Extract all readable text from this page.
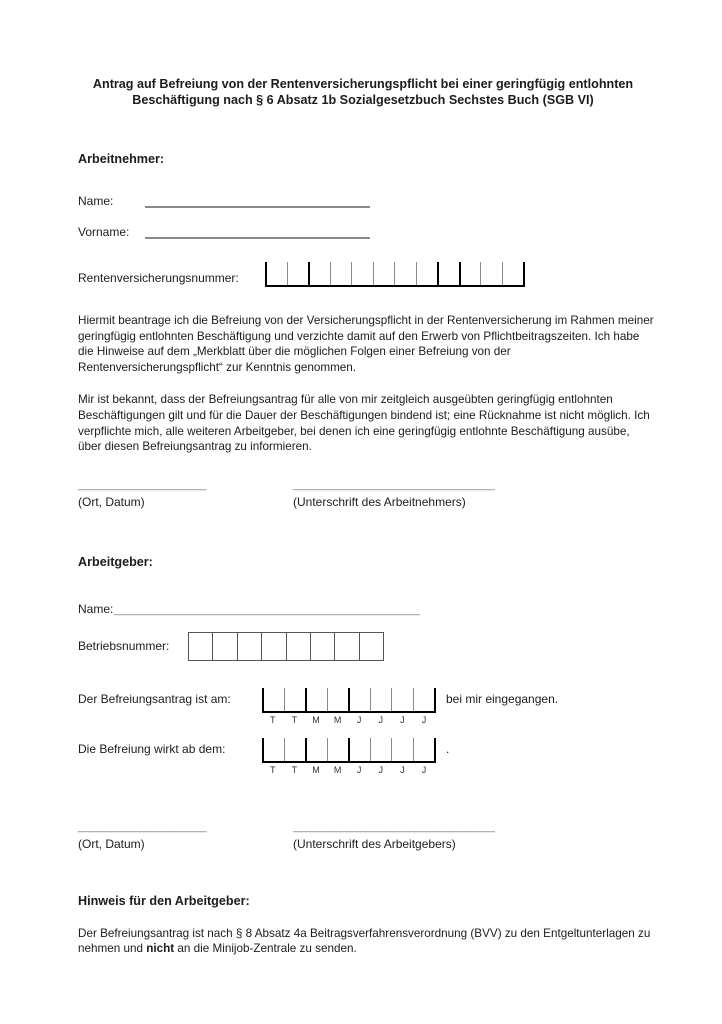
Antrag auf Befreiung von der Rentenversicherungspflicht bei einer geringfügig entlohnten Beschäftigung nach § 6 Absatz 1b Sozialgesetzbuch Sechstes Buch (SGB VI)
Arbeitnehmer:
Name:
Vorname:
Rentenversicherungsnummer:

Hiermit beantrage ich die Befreiung von der Versicherungspflicht in der Rentenversicherung im Rahmen meiner geringfügig entlohnten Beschäftigung und verzichte damit auf den Erwerb von Pflichtbeitragszeiten. Ich habe die Hinweise auf dem „Merkblatt über die möglichen Folgen einer Befreiung von der Rentenversicherungspflicht“ zur Kenntnis genommen.

Mir ist bekannt, dass der Befreiungsantrag für alle von mir zeitgleich ausgeübten geringfügig entlohnten Beschäftigungen gilt und für die Dauer der Beschäftigungen bindend ist; eine Rücknahme ist nicht möglich. Ich verpflichte mich, alle weiteren Arbeitgeber, bei denen ich eine geringfügig entlohnte Beschäftigung ausübe, über diesen Befreiungsantrag zu informieren.

_____________________
(Ort, Datum)
_________________________________
(Unterschrift des Arbeitnehmers)
Arbeitgeber:
Name: __________________________________________________
Betriebsnummer:
Der Befreiungsantrag ist am:
T	T	M	M	J	J	J	J
bei mir eingegangen.
Die Befreiung wirkt ab dem:
T	T	M	M	J	J	J	J
.
_____________________
(Ort, Datum)
_________________________________
(Unterschrift des Arbeitgebers)
Hinweis für den Arbeitgeber:

Der Befreiungsantrag ist nach § 8 Absatz 4a Beitragsverfahrensverordnung (BVV) zu den Entgeltunterlagen zu nehmen und nicht an die Minijob-Zentrale zu senden.
